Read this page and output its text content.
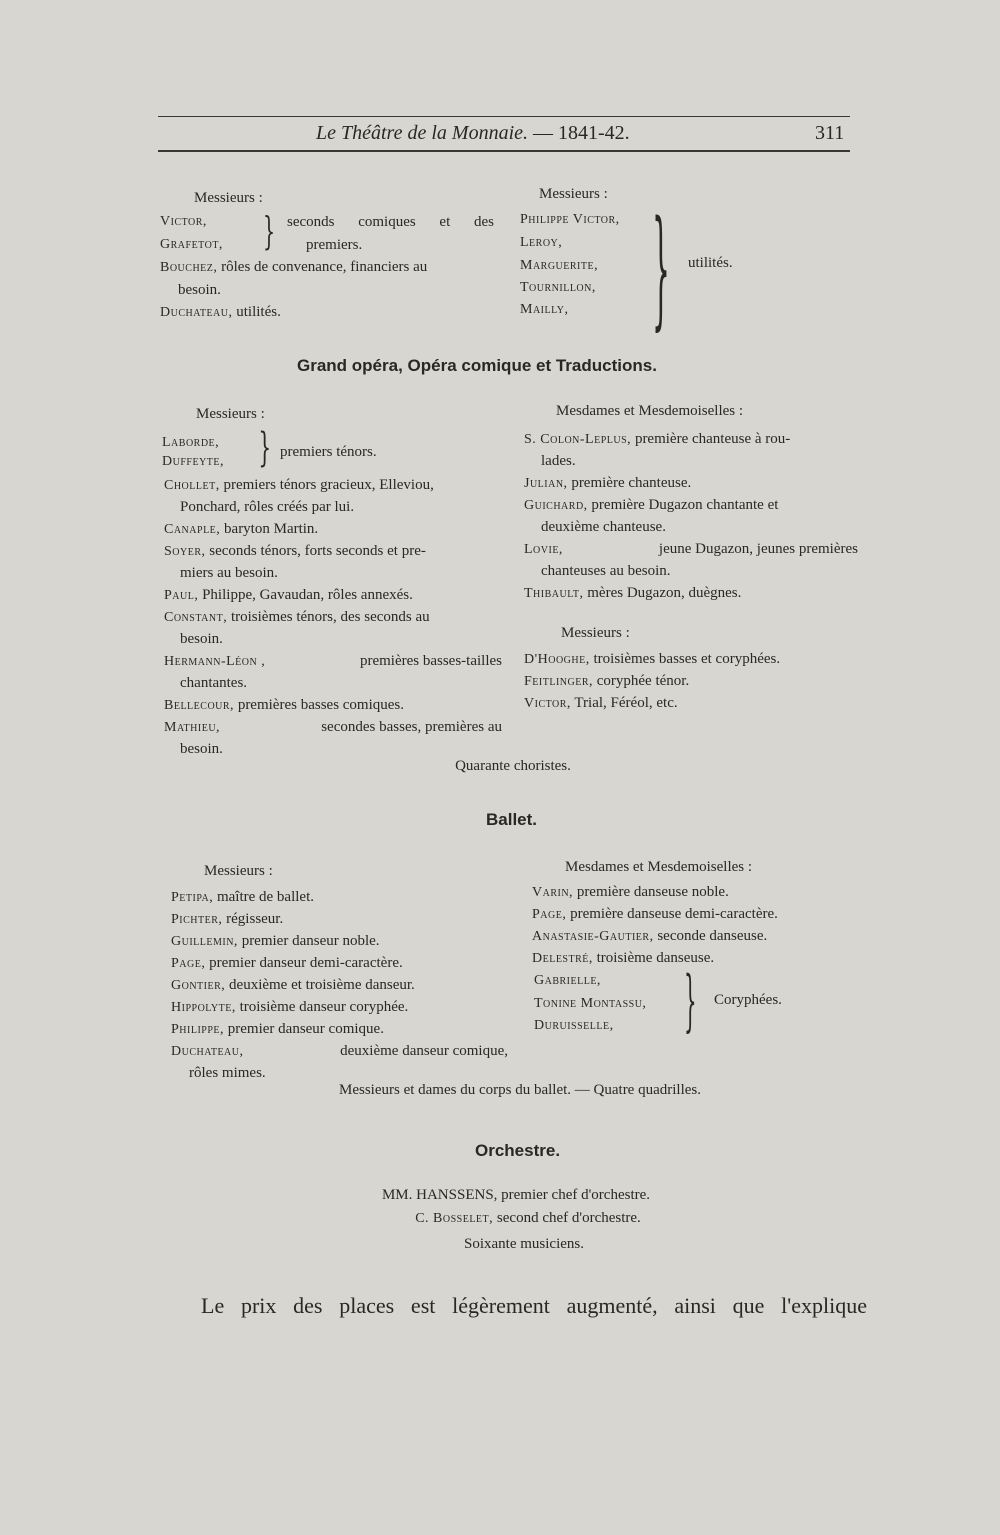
Le Théâtre de la Monnaie. — 1841-42.	311
Messieurs :
Victor,
Grafetot, } seconds comiques et des
premiers.
Bouchez, rôles de convenance, financiers au
besoin.
Duchateau, utilités.
Messieurs :
Philippe Victor,
Leroy,
Marguerite,
Tournillon,
Mailly, } utilités.
Grand opéra, Opéra comique et Traductions.
Messieurs :
Laborde,
Duffeyte, } premiers ténors.
Chollet, premiers ténors gracieux, Elleviou,
Ponchard, rôles créés par lui.
Canaple, baryton Martin.
Soyer, seconds ténors, forts seconds et pre-
miers au besoin.
Paul, Philippe, Gavaudan, rôles annexés.
Constant, troisièmes ténors, des seconds au
besoin.
Hermann-Léon ,	premières basses-tailles
chantantes.
Bellecour, premières basses comiques.
Mathieu,	secondes basses, premières au
besoin.
Mesdames et Mesdemoiselles :
S. Colon-Leplus, première chanteuse à rou-
lades.
Julian, première chanteuse.
Guichard, première Dugazon chantante et
deuxième chanteuse.
Lovie,	jeune Dugazon, jeunes premières
chanteuses au besoin.
Thibault, mères Dugazon, duègnes.
Messieurs :
D'Hooghe, troisièmes basses et coryphées.
Feitlinger, coryphée ténor.
Victor, Trial, Féréol, etc.
Quarante choristes.
Ballet.
Messieurs :
Petipa, maître de ballet.
Pichter, régisseur.
Guillemin, premier danseur noble.
Page, premier danseur demi-caractère.
Gontier, deuxième et troisième danseur.
Hippolyte, troisième danseur coryphée.
Philippe, premier danseur comique.
Duchateau,	deuxième danseur comique,
rôles mimes.
Mesdames et Mesdemoiselles :
Varin, première danseuse noble.
Page, première danseuse demi-caractère.
Anastasie-Gautier, seconde danseuse.
Delestré, troisième danseuse.
Gabrielle,
Tonine Montassu,
Duruisselle, } Coryphées.
Messieurs et dames du corps du ballet. — Quatre quadrilles.
Orchestre.
MM. HANSSENS, premier chef d'orchestre.
C. Bosselet, second chef d'orchestre.
Soixante musiciens.
Le prix des places est légèrement augmenté, ainsi que l'explique
